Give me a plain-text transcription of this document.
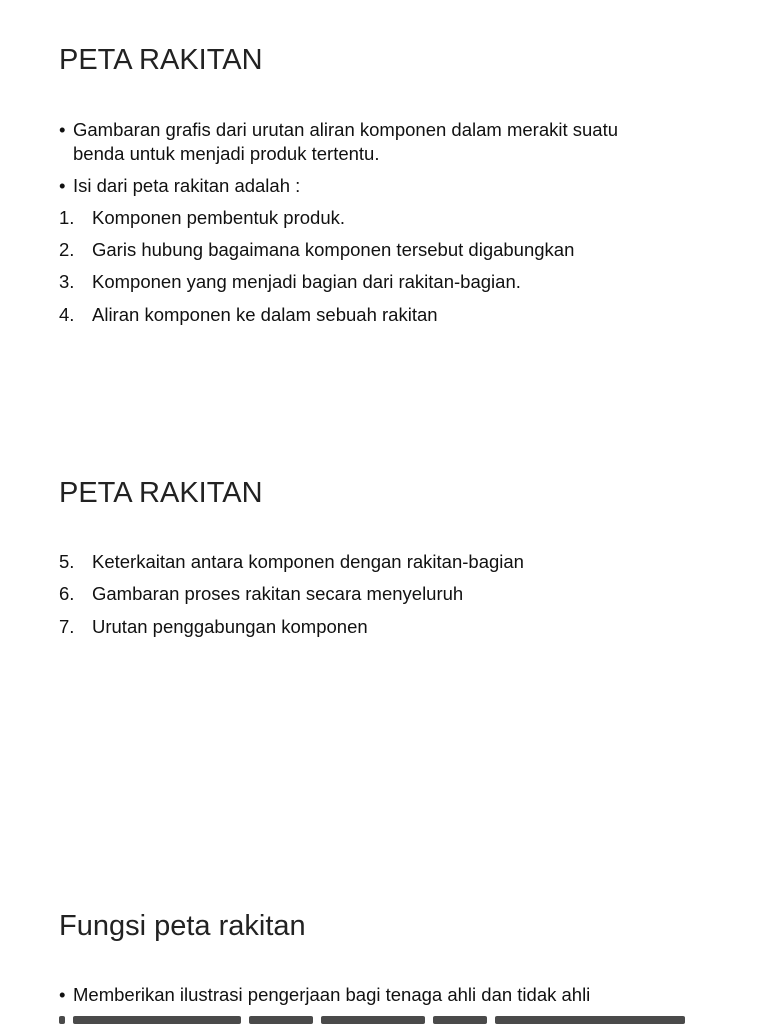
PETA RAKITAN
• Gambaran grafis dari urutan aliran komponen dalam merakit suatu
benda untuk menjadi produk tertentu.
• Isi dari peta rakitan adalah :
1. Komponen pembentuk produk.
2. Garis hubung bagaimana komponen tersebut digabungkan
3. Komponen yang menjadi bagian dari rakitan-bagian.
4. Aliran komponen ke dalam sebuah rakitan
PETA RAKITAN
5. Keterkaitan antara komponen dengan rakitan-bagian
6. Gambaran proses rakitan secara menyeluruh
7. Urutan penggabungan komponen
Fungsi peta rakitan
• Memberikan ilustrasi pengerjaan bagi tenaga ahli dan tidak ahli
